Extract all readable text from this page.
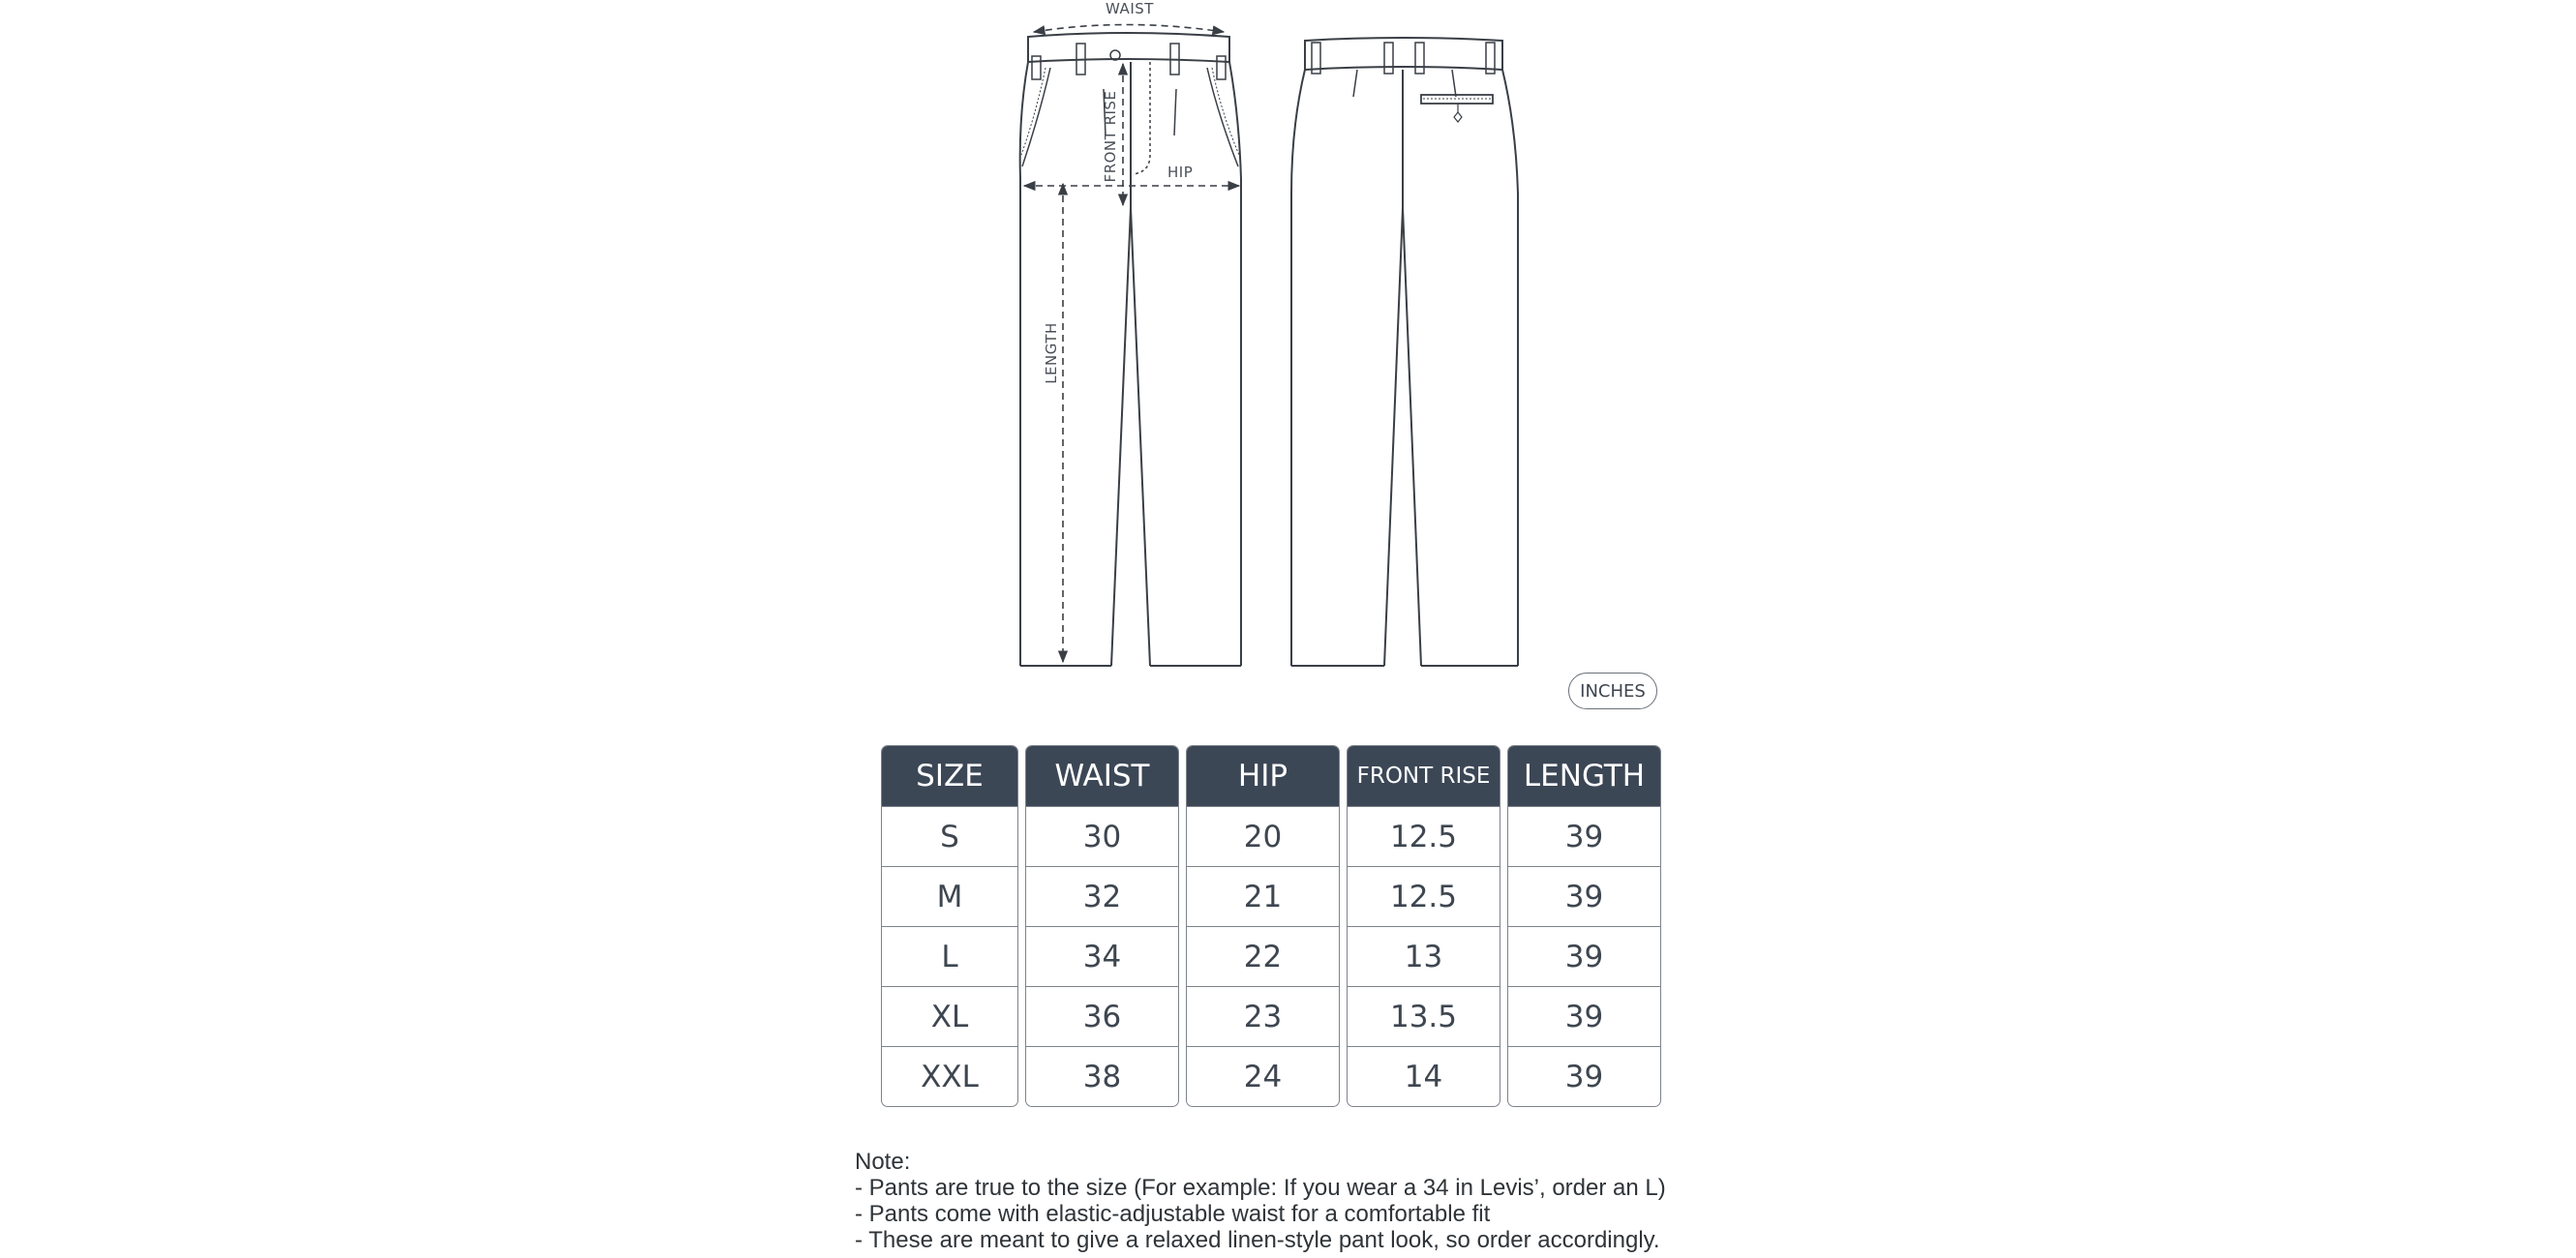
WAIST
HIP
FRONT RISE
LENGTH
INCHES
SIZE
S
M
L
XL
XXL
WAIST
30
32
34
36
38
HIP
20
21
22
23
24
FRONT RISE
12.5
12.5
13
13.5
14
LENGTH
39
39
39
39
39
Note:
- Pants are true to the size (For example: If you wear a 34 in Levis’, order an L)
- Pants come with elastic-adjustable waist for a comfortable fit
- These are meant to give a relaxed linen-style pant look, so order accordingly.
